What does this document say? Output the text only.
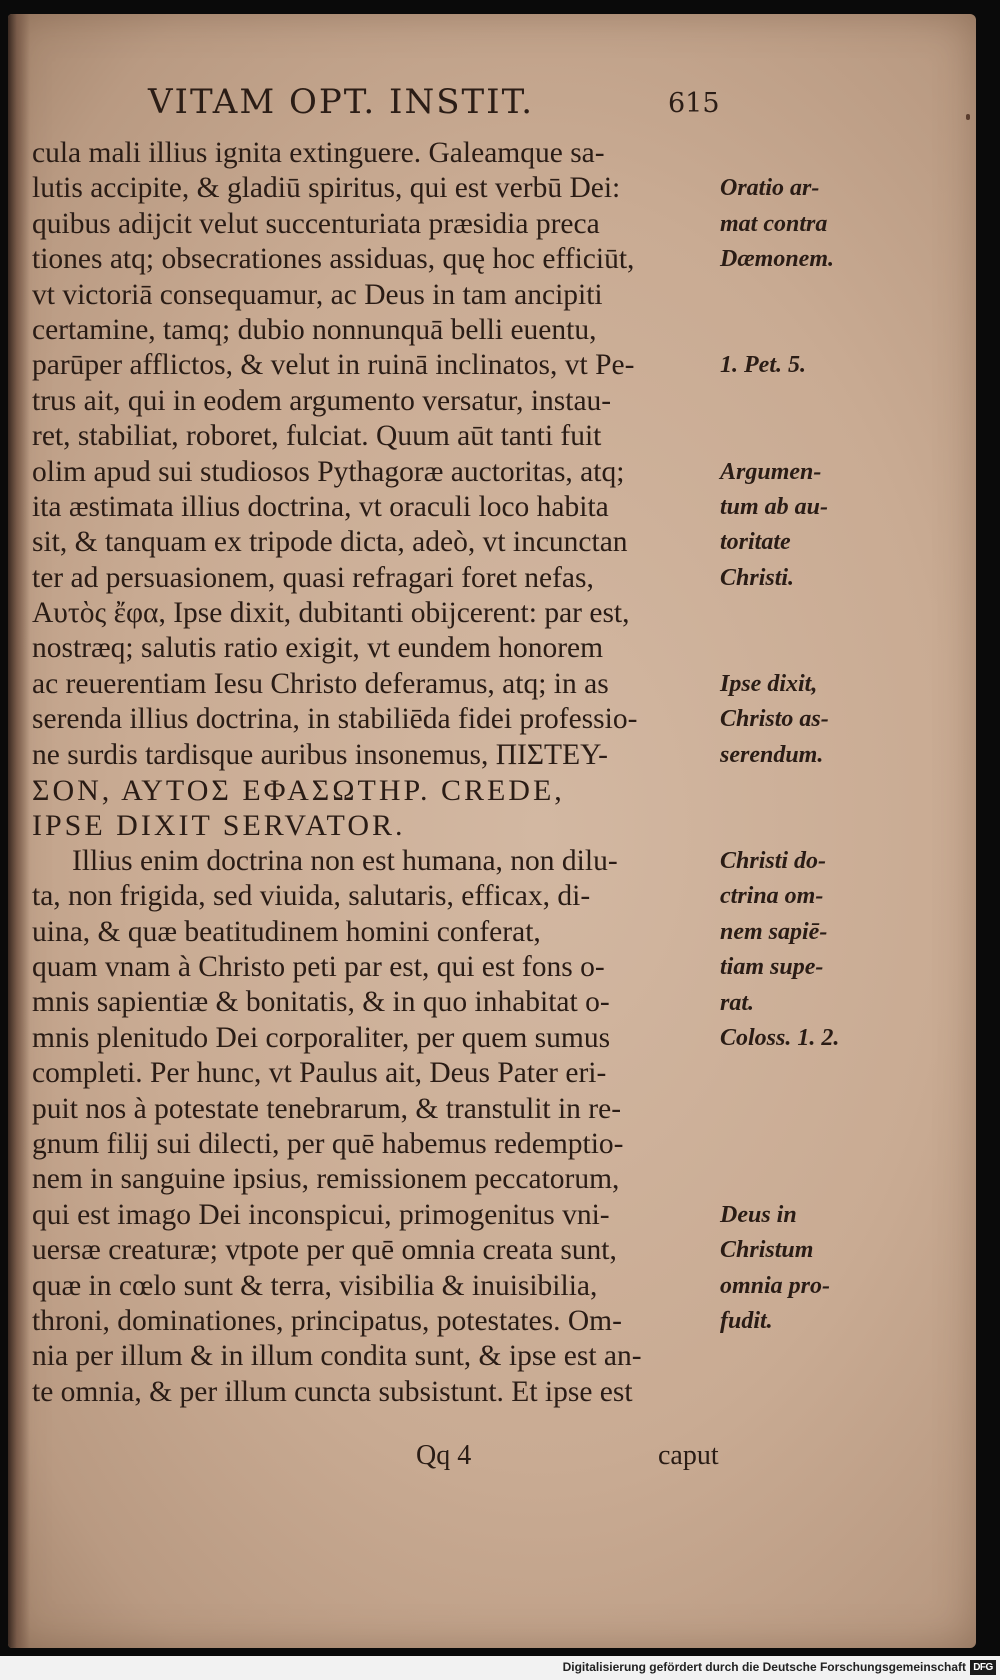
VITAM OPT. INSTIT.	615
cula mali illius ignita extinguere. Galeamque sa-
lutis accipite, & gladiū spiritus, qui est verbū Dei:
quibus adijcit velut succenturiata præsidia preca
tiones atq; obsecrationes assiduas, quę hoc efficiūt,
vt victoriā consequamur, ac Deus in tam ancipiti
certamine, tamq; dubio nonnunquā belli euentu,
parūper afflictos, & velut in ruinā inclinatos, vt Pe-
trus ait, qui in eodem argumento versatur, instau-
ret, stabiliat, roboret, fulciat. Quum aūt tanti fuit
olim apud sui studiosos Pythagoræ auctoritas, atq;
ita æstimata illius doctrina, vt oraculi loco habita
sit, & tanquam ex tripode dicta, adeò, vt incunctan
ter ad persuasionem, quasi refragari foret nefas,
Αυτὸς ἔφα, Ipse dixit, dubitanti obijcerent: par est,
nostræq; salutis ratio exigit, vt eundem honorem
ac reuerentiam Iesu Christo deferamus, atq; in as
serenda illius doctrina, in stabiliēda fidei professio-
ne surdis tardisque auribus insonemus, ΠΙΣΤΕΥ-
ΣΟΝ, ΑΥΤΟΣ ΕΦΑΣΩΤΗΡ. CREDE,
IPSE DIXIT SERVATOR.
Illius enim doctrina non est humana, non dilu-
ta, non frigida, sed viuida, salutaris, efficax, di-
uina, & quæ beatitudinem homini conferat,
quam vnam à Christo peti par est, qui est fons o-
mnis sapientiæ & bonitatis, & in quo inhabitat o-
mnis plenitudo Dei corporaliter, per quem sumus
completi. Per hunc, vt Paulus ait, Deus Pater eri-
puit nos à potestate tenebrarum, & transtulit in re-
gnum filij sui dilecti, per quē habemus redemptio-
nem in sanguine ipsius, remissionem peccatorum,
qui est imago Dei inconspicui, primogenitus vni-
uersæ creaturæ; vtpote per quē omnia creata sunt,
quæ in cœlo sunt & terra, visibilia & inuisibilia,
throni, dominationes, principatus, potestates. Om-
nia per illum & in illum condita sunt, & ipse est an-
te omnia, & per illum cuncta subsistunt. Et ipse est
Oratio ar-
mat contra
Dæmonem.
1. Pet. 5.
Argumen-
tum ab au-
toritate
Christi.
Ipse dixit,
Christo as-
serendum.
Christi do-
ctrina om-
nem sapiē-
tiam supe-
rat.
Coloss. 1. 2.
Deus in
Christum
omnia pro-
fudit.
Qq 4	caput
Digitalisierung gefördert durch die Deutsche Forschungsgemeinschaft DFG
